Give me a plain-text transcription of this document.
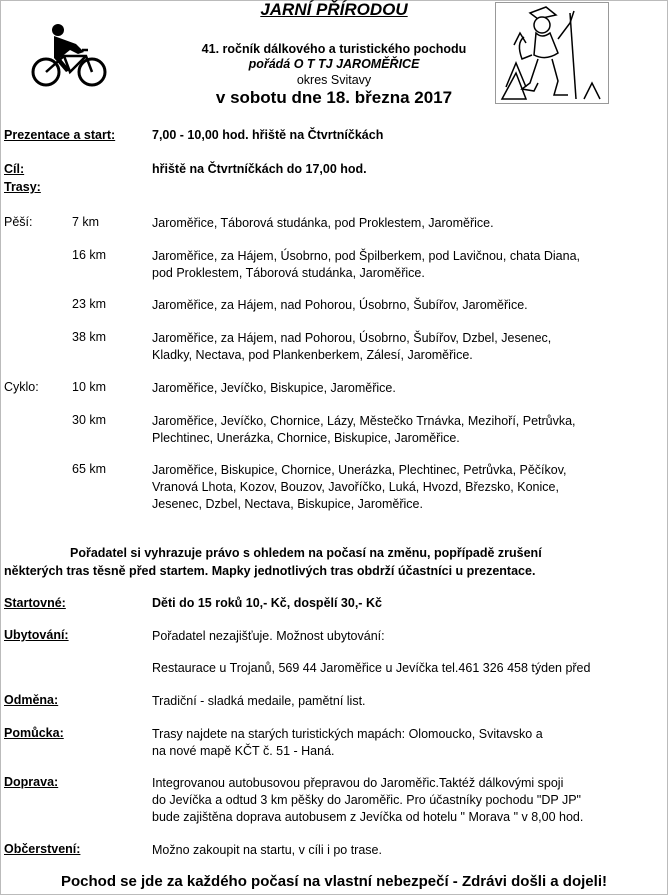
JARNÍ PŘÍRODOU
41. ročník dálkového a turistického pochodu
pořádá O T TJ JAROMĚŘICE
okres Svitavy
v sobotu dne 18. března 2017
Prezentace a start:	7,00 - 10,00 hod. hřiště na Čtvrtníčkách
Cíl:	hřiště na Čtvrtníčkách do 17,00 hod.
Trasy:
Pěší:	7 km	Jaroměřice, Táborová studánka, pod Proklestem, Jaroměřice.
16 km	Jaroměřice, za Hájem, Úsobrno, pod Špilberkem, pod Lavičnou, chata Diana,
pod Proklestem, Táborová studánka, Jaroměřice.
23 km	Jaroměřice, za Hájem, nad Pohorou, Úsobrno, Šubířov, Jaroměřice.
38 km	Jaroměřice, za Hájem, nad Pohorou, Úsobrno, Šubířov, Dzbel, Jesenec,
Kladky, Nectava, pod Plankenberkem, Zálesí, Jaroměřice.
Cyklo:	10 km	Jaroměřice, Jevíčko, Biskupice, Jaroměřice.
30 km	Jaroměřice, Jevíčko, Chornice, Lázy, Městečko Trnávka, Mezihoří, Petrůvka,
Plechtinec, Unerázka, Chornice, Biskupice, Jaroměřice.
65 km	Jaroměřice, Biskupice, Chornice, Unerázka, Plechtinec, Petrůvka, Pěčíkov,
Vranová Lhota, Kozov, Bouzov, Javoříčko, Luká, Hvozd, Březsko, Konice,
Jesenec, Dzbel, Nectava, Biskupice, Jaroměřice.
Pořadatel si vyhrazuje právo s ohledem na počasí na změnu, popřípadě zrušení
některých tras těsně před startem. Mapky jednotlivých tras obdrží účastníci u prezentace.
Startovné:	Děti do 15 roků 10,- Kč, dospělí 30,- Kč
Ubytování:	Pořadatel nezajišťuje. Možnost ubytování:
Restaurace u Trojanů, 569 44 Jaroměřice u Jevíčka tel.461 326 458 týden před
Odměna:	Tradiční - sladká medaile, pamětní list.
Pomůcka:	Trasy najdete na starých turistických mapách: Olomoucko, Svitavsko a
na nové mapě KČT č. 51 - Haná.
Doprava:	Integrovanou autobusovou přepravou do Jaroměřic.Taktéž dálkovými spoji
do Jevíčka a odtud 3 km pěšky do Jaroměřic. Pro účastníky pochodu "DP JP"
bude zajištěna doprava autobusem z Jevíčka od hotelu " Morava " v 8,00 hod.
Občerstvení:	Možno zakoupit na startu, v cíli i po trase.
Pochod se jde za každého počasí na vlastní nebezpečí - Zdrávi došli a dojeli!
